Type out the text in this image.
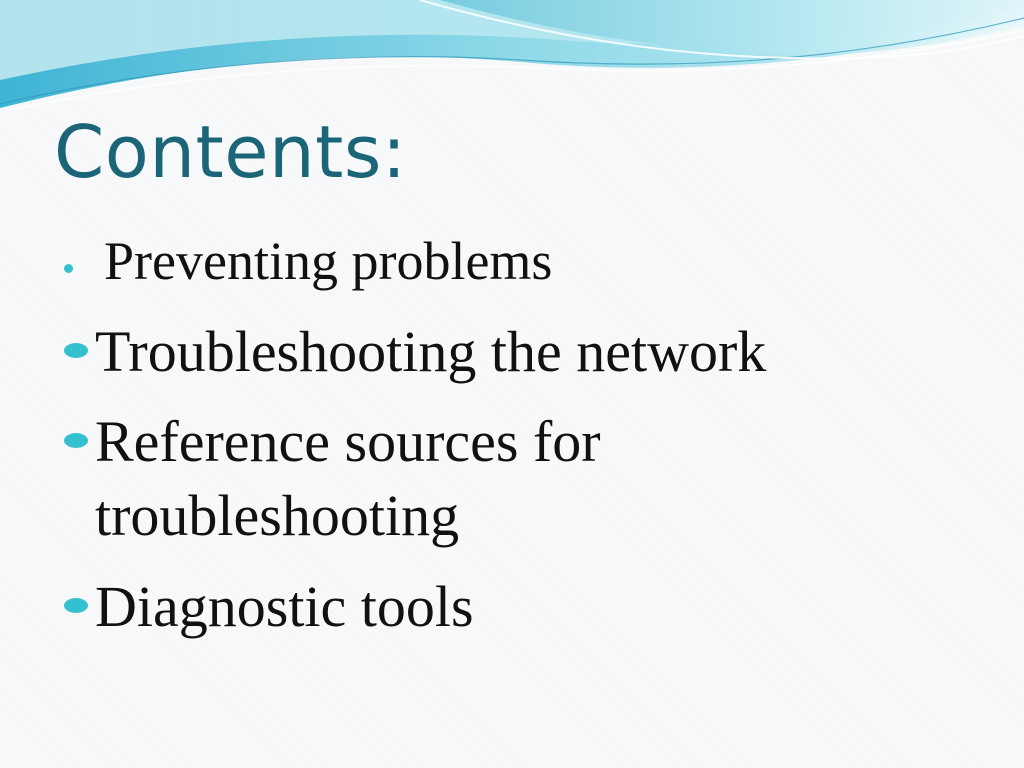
Contents:
Preventing problems
Troubleshooting the network
Reference sources for
troubleshooting
Diagnostic tools
